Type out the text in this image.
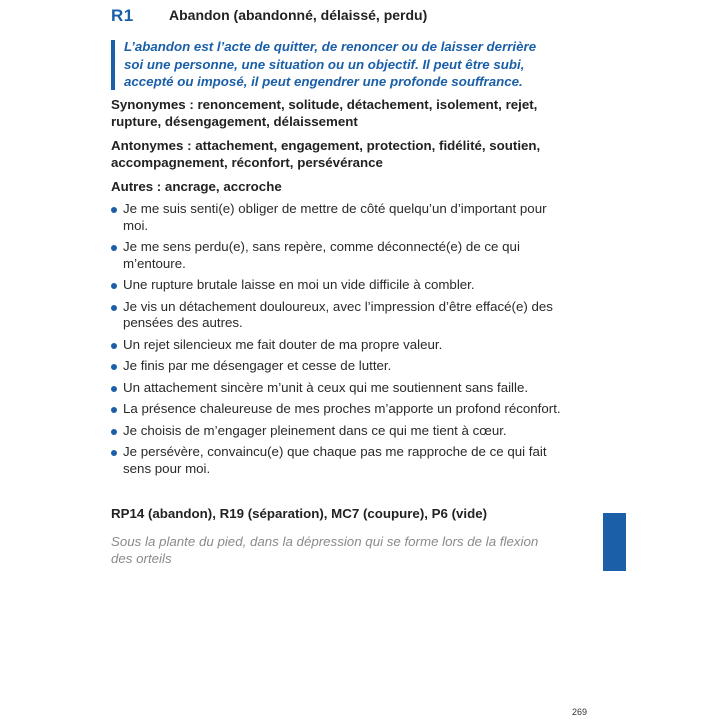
R1	Abandon (abandonné, délaissé, perdu)

L’abandon est l’acte de quitter, de renoncer ou de laisser derrière soi une personne, une situation ou un objectif. Il peut être subi, accepté ou imposé, il peut engendrer une profonde souffrance.

Synonymes : renoncement, solitude, détachement, isolement, rejet, rupture, désengagement, délaissement

Antonymes : attachement, engagement, protection, fidélité, soutien, accompagnement, réconfort, persévérance

Autres : ancrage, accroche

Je me suis senti(e) obliger de mettre de côté quelqu’un d’important pour moi.
Je me sens perdu(e), sans repère, comme déconnecté(e) de ce qui m’entoure.
Une rupture brutale laisse en moi un vide difficile à combler.
Je vis un détachement douloureux, avec l’impression d’être effacé(e) des pensées des autres.
Un rejet silencieux me fait douter de ma propre valeur.
Je finis par me désengager et cesse de lutter.
Un attachement sincère m’unit à ceux qui me soutiennent sans faille.
La présence chaleureuse de mes proches m’apporte un profond réconfort.
Je choisis de m’engager pleinement dans ce qui me tient à cœur.
Je persévère, convaincu(e) que chaque pas me rapproche de ce qui fait sens pour moi.
RP14 (abandon), R19 (séparation), MC7 (coupure), P6 (vide)

Sous la plante du pied, dans la dépression qui se forme lors de la flexion des orteils

269
